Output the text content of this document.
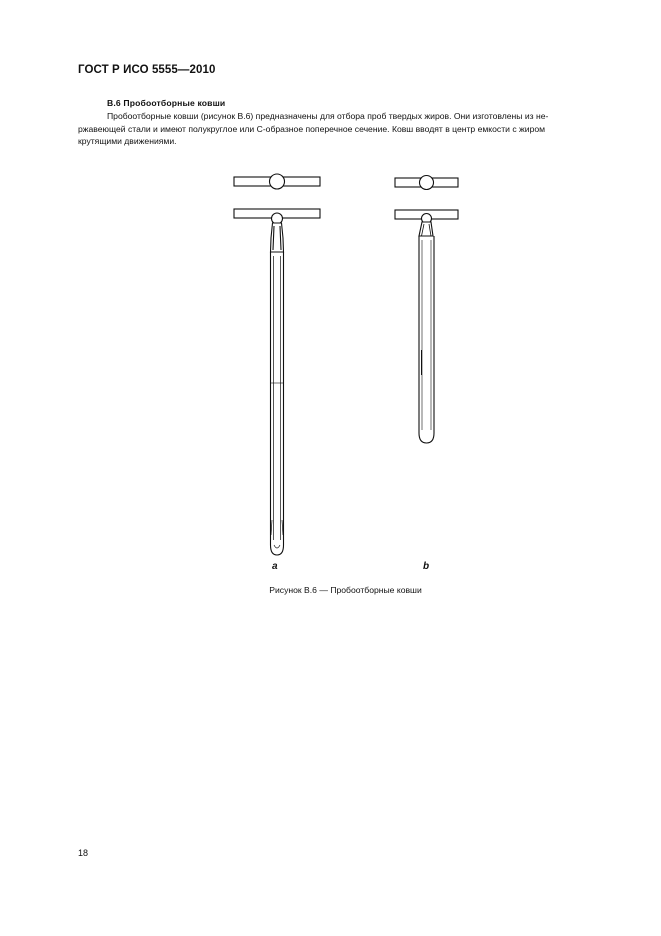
ГОСТ Р ИСО 5555—2010
B.6 Пробоотборные ковши
Пробоотборные ковши (рисунок В.6) предназначены для отбора проб твердых жиров. Они изготовлены из не-
ржавеющей стали и имеют полукруглое или С-образное поперечное сечение. Ковш вводят в центр емкости с жиром
крутящими движениями.
a	b
Рисунок В.6 — Пробоотборные ковши
18
